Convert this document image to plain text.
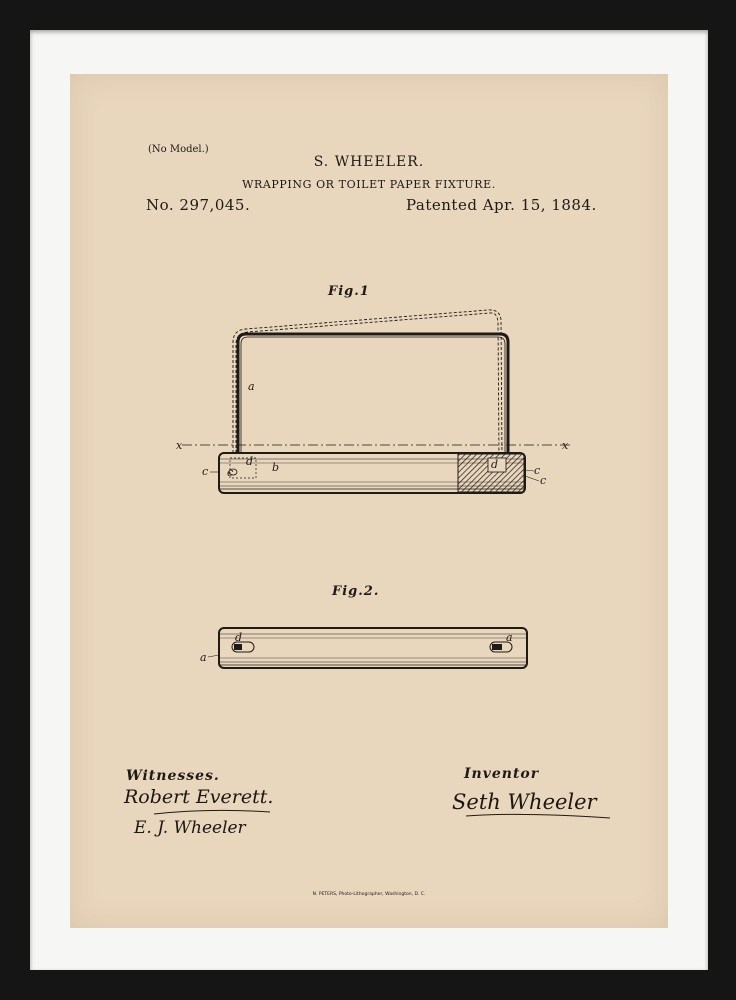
(No Model.)
S. WHEELER.
WRAPPING OR TOILET PAPER FIXTURE.
No. 297,045.	Patented Apr. 15, 1884.
Fig.1
Fig.2.
x	x
a
b
c c
d	d	c
c
a
d	a
Witnesses.
Robert Everett.
E. J. Wheeler
Inventor
Seth Wheeler
N. PETERS, Photo-Lithographer, Washington, D. C.
